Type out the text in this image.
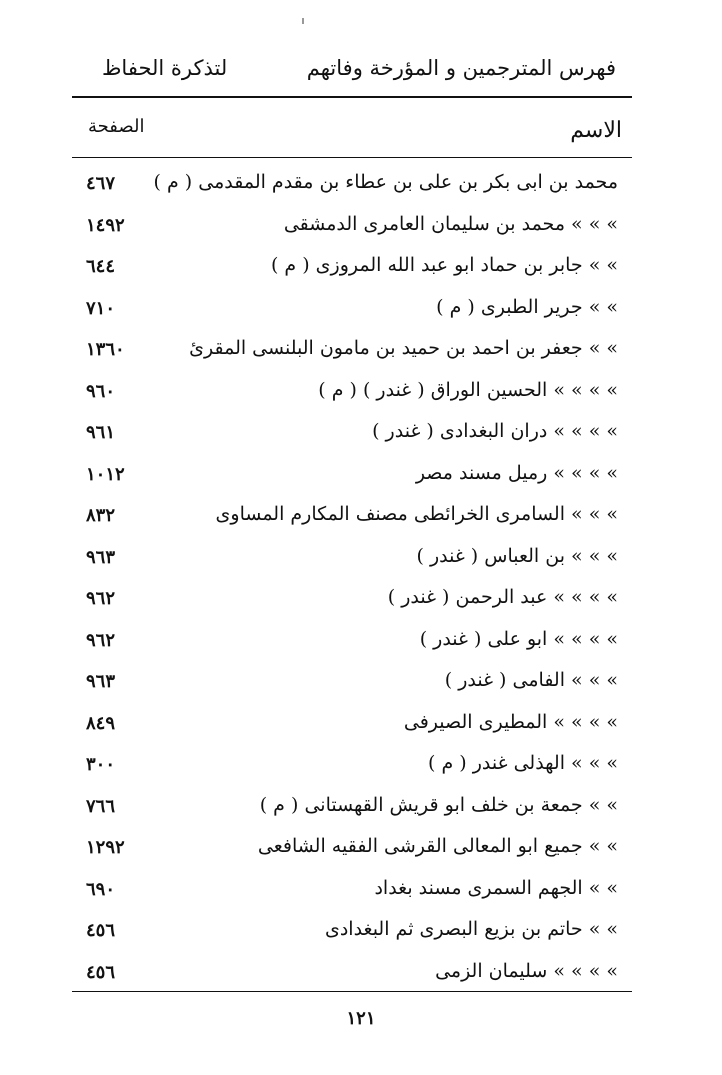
فهرس المترجمين و المؤرخة وفاتهم
لتذكرة الحفاظ
الاسم
الصفحة
محمد بن ابى بكر بن على بن عطاء بن مقدم المقدمى ( م )
٤٦٧
» » » محمد بن سليمان العامرى الدمشقى
١٤٩٢
» » جابر بن حماد ابو عبد الله المروزى ( م )
٦٤٤
» » جرير الطبرى ( م )
٧١٠
» » جعفر بن احمد بن حميد بن مامون البلنسى المقرئ
١٣٦٠
» » » » الحسين الوراق ( غندر ) ( م )
٩٦٠
» » » » دران البغدادى ( غندر )
٩٦١
» » » » رميل مسند مصر
١٠١٢
» » » السامرى الخرائطى مصنف المكارم المساوى
٨٣٢
» » » بن العباس ( غندر )
٩٦٣
» » » » عبد الرحمن ( غندر )
٩٦٢
» » » » ابو على ( غندر )
٩٦٢
» » » الفامى ( غندر )
٩٦٣
» » » » المطيرى الصيرفى
٨٤٩
» » » الهذلى غندر ( م )
٣٠٠
» » جمعة بن خلف ابو قريش القهستانى ( م )
٧٦٦
» » جميع ابو المعالى القرشى الفقيه الشافعى
١٢٩٢
» » الجهم السمرى مسند بغداد
٦٩٠
» » حاتم بن بزيع البصرى ثم البغدادى
٤٥٦
» » » » سليمان الزمى
٤٥٦
١٢١
